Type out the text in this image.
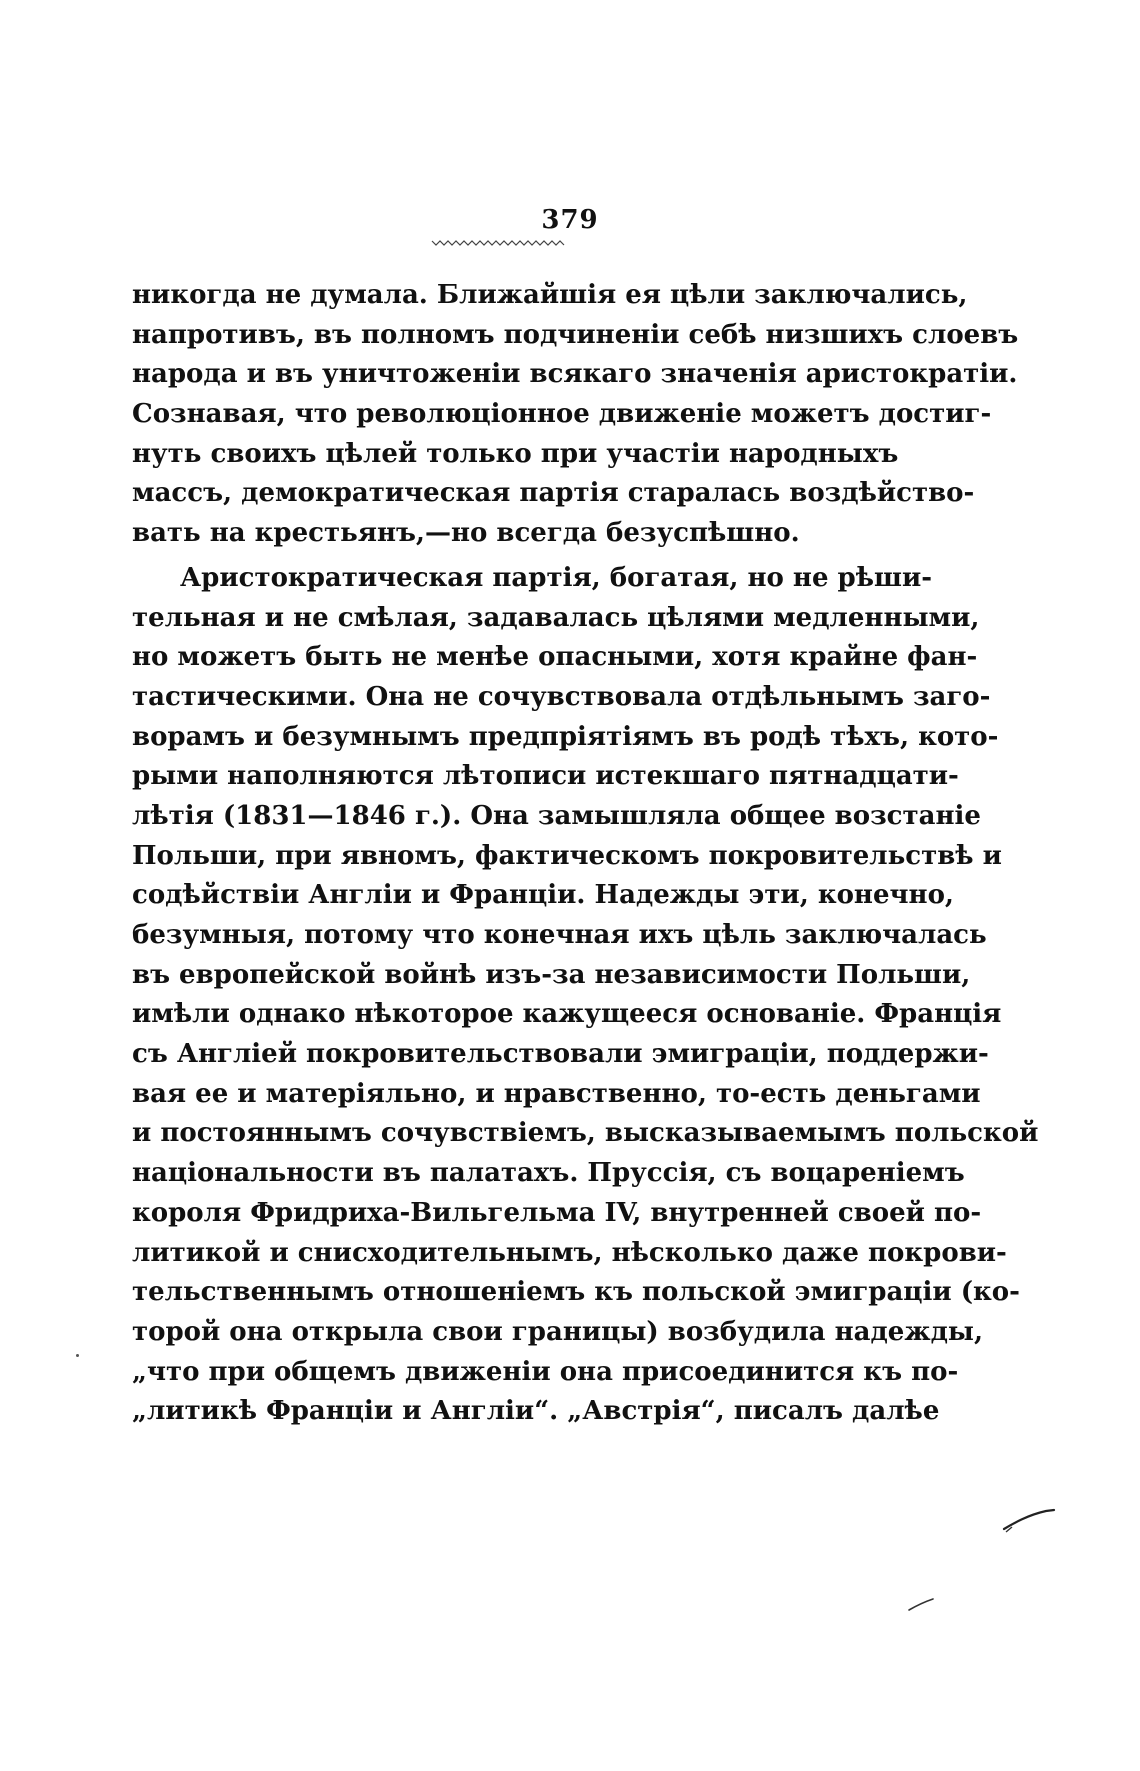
379
никогда не думала. Ближайшія ея цѣли заключались,
напротивъ, въ полномъ подчиненіи себѣ низшихъ слоевъ
народа и въ уничтоженіи всякаго значенія аристократіи.
Сознавая, что революціонное движеніе можетъ достиг-
нуть своихъ цѣлей только при участіи народныхъ
массъ, демократическая партія старалась воздѣйство-
вать на крестьянъ,—но всегда безуспѣшно.
Аристократическая партія, богатая, но не рѣши-
тельная и не смѣлая, задавалась цѣлями медленными,
но можетъ быть не менѣе опасными, хотя крайне фан-
тастическими. Она не сочувствовала отдѣльнымъ заго-
ворамъ и безумнымъ предпріятіямъ въ родѣ тѣхъ, кото-
рыми наполняются лѣтописи истекшаго пятнадцати-
лѣтія (1831—1846 г.). Она замышляла общее возстаніе
Польши, при явномъ, фактическомъ покровительствѣ и
содѣйствіи Англіи и Франціи. Надежды эти, конечно,
безумныя, потому что конечная ихъ цѣль заключалась
въ европейской войнѣ изъ-за независимости Польши,
имѣли однако нѣкоторое кажущееся основаніе. Франція
съ Англіей покровительствовали эмиграціи, поддержи-
вая ее и матеріяльно, и нравственно, то-есть деньгами
и постояннымъ сочувствіемъ, высказываемымъ польской
національности въ палатахъ. Пруссія, съ воцареніемъ
короля Фридриха-Вильгельма IV, внутренней своей по-
литикой и снисходительнымъ, нѣсколько даже покрови-
тельственнымъ отношеніемъ къ польской эмиграціи (ко-
торой она открыла свои границы) возбудила надежды,
„что при общемъ движеніи она присоединится къ по-
„литикѣ Франціи и Англіи“. „Австрія“, писалъ далѣе
